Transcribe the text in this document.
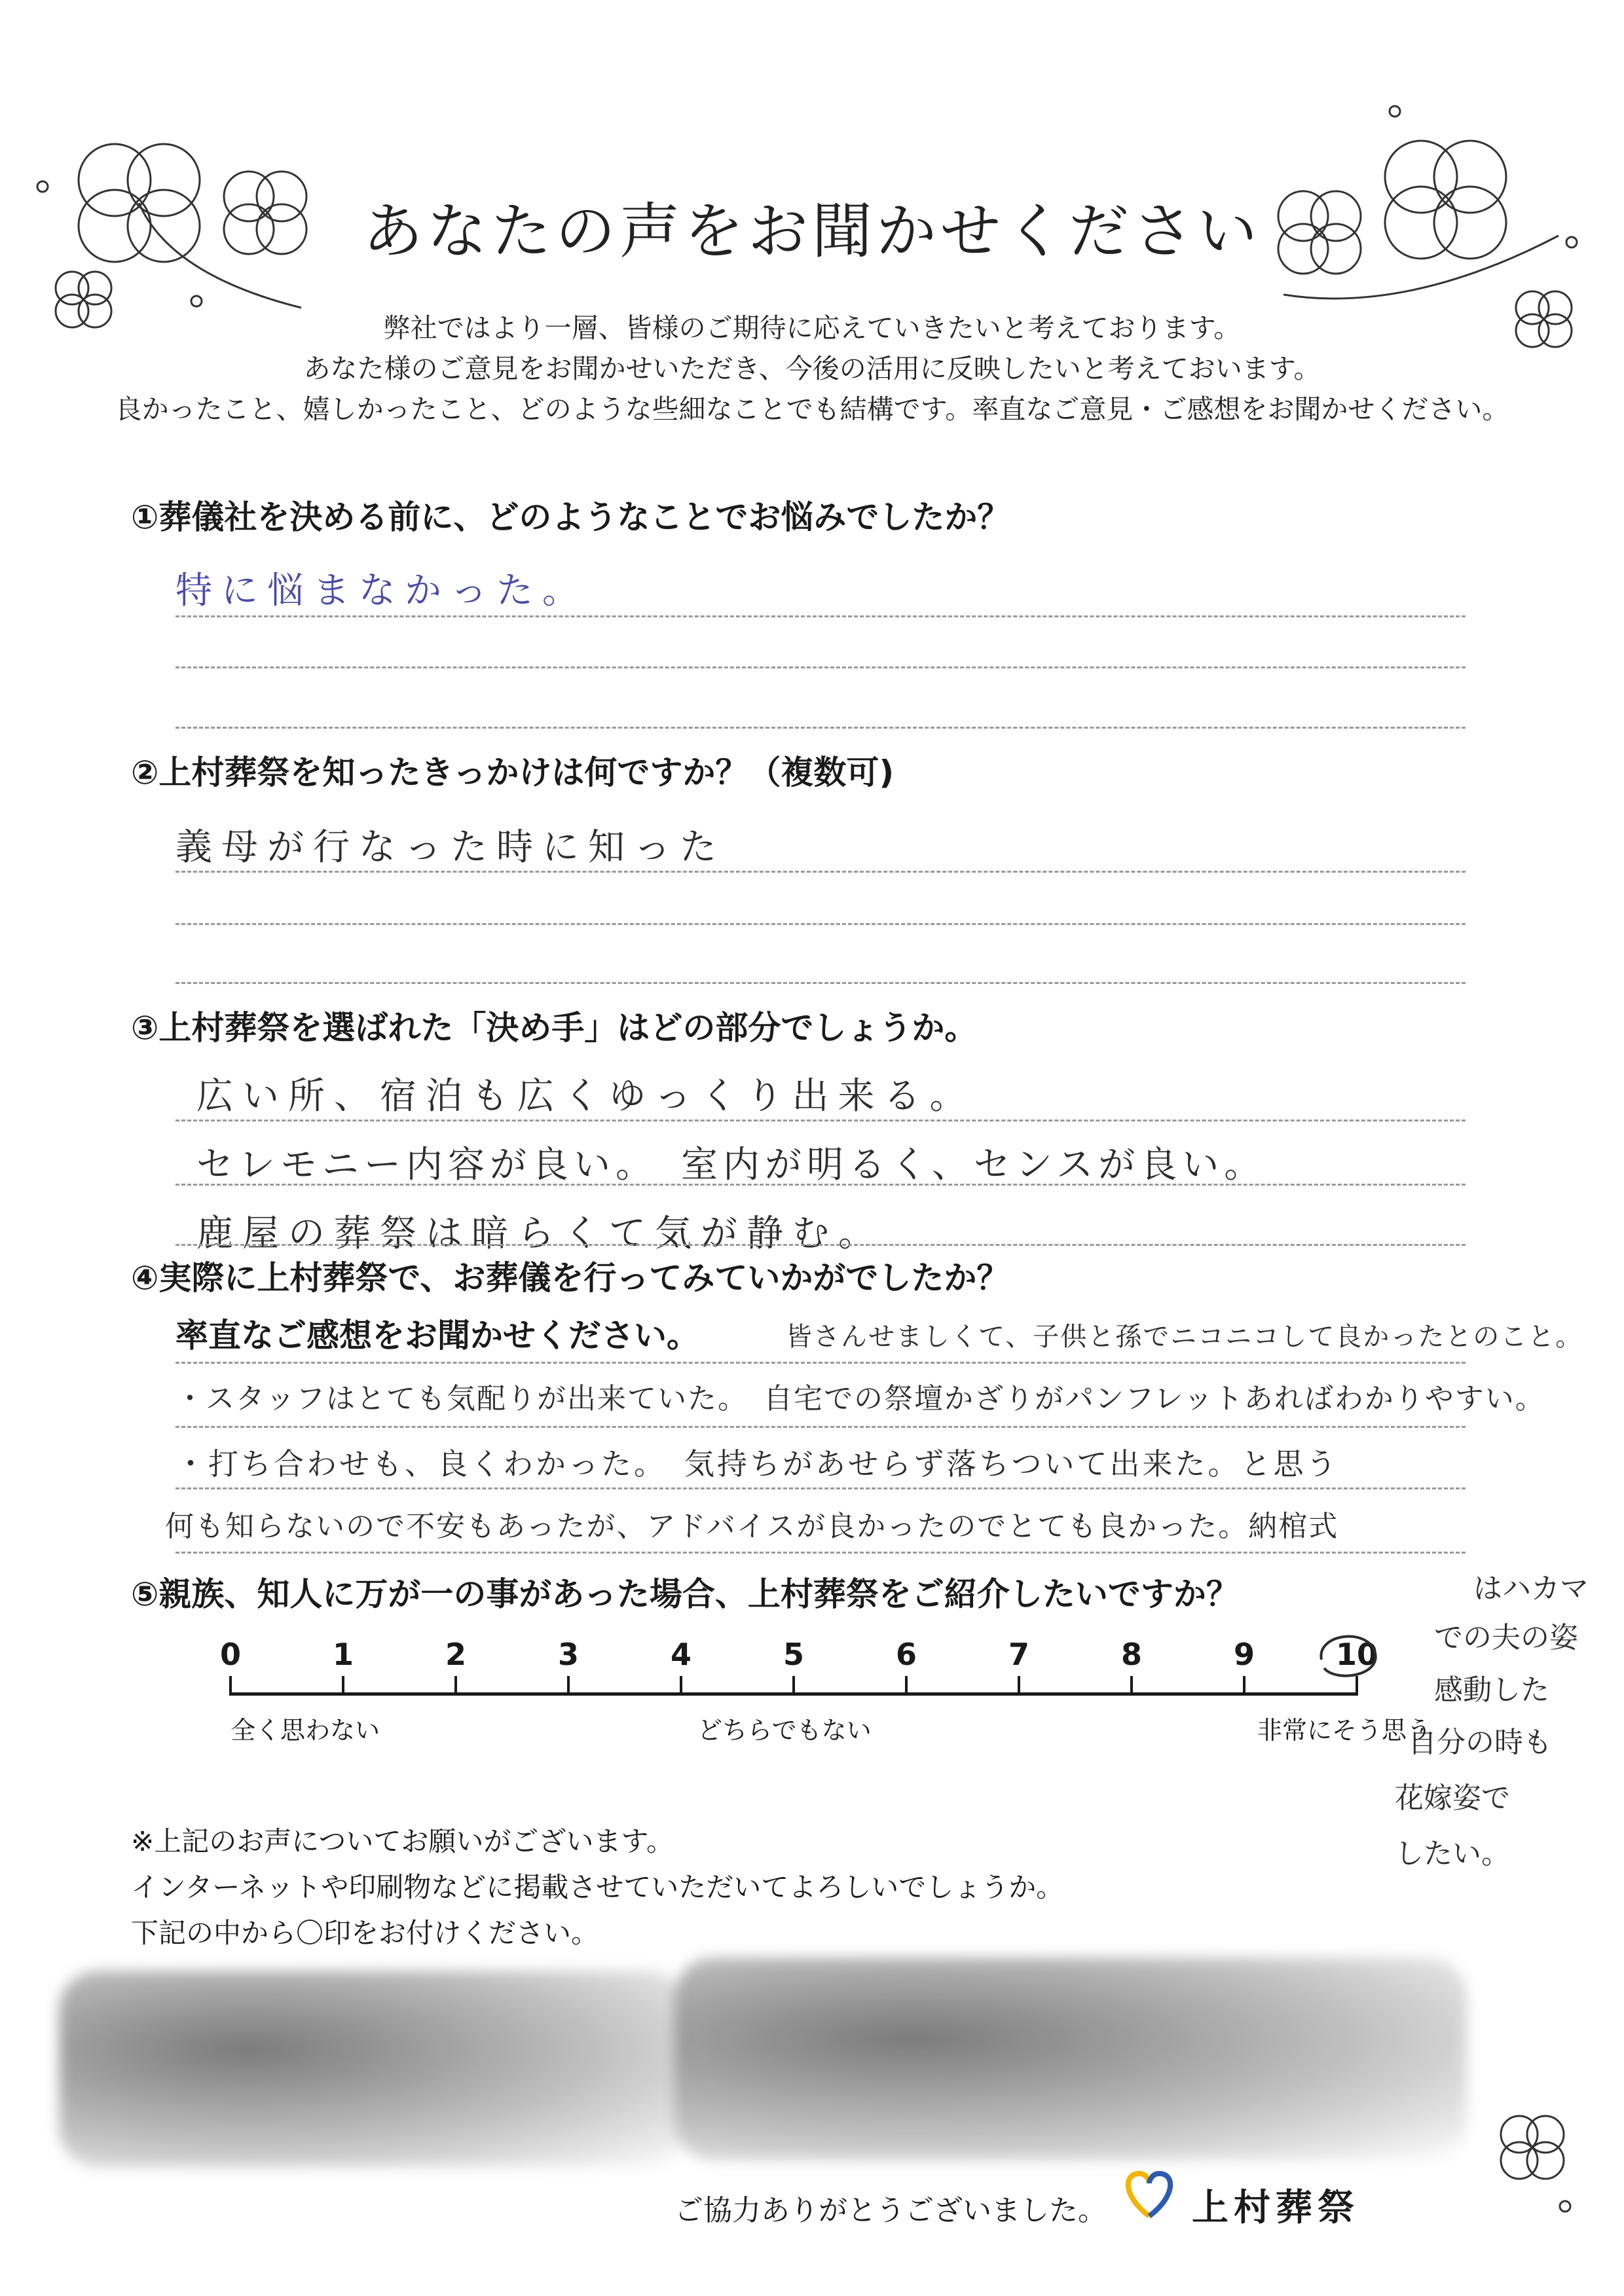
あなたの声をお聞かせください
弊社ではより一層、皆様のご期待に応えていきたいと考えております。
あなた様のご意見をお聞かせいただき、今後の活用に反映したいと考えておいます。
良かったこと、嬉しかったこと、どのような些細なことでも結構です。率直なご意見・ご感想をお聞かせください。
①葬儀社を決める前に、どのようなことでお悩みでしたか？
特に悩まなかった。
②上村葬祭を知ったきっかけは何ですか？（複数可)
義母が行なった時に知った
③上村葬祭を選ばれた「決め手」はどの部分でしょうか。
広い所、宿泊も広くゆっくり出来る。
セレモニー内容が良い。　室内が明るく、センスが良い。
鹿屋の葬祭は暗らくて気が静む。
④実際に上村葬祭で、お葬儀を行ってみていかがでしたか？
率直なご感想をお聞かせください。	皆さんせましくて、子供と孫でニコニコして良かったとのこと。
・スタッフはとても気配りが出来ていた。　自宅での祭壇かざりがパンフレットあればわかりやすい。
・打ち合わせも、良くわかった。　気持ちがあせらず落ちついて出来た。と思う
何も知らないので不安もあったが、アドバイスが良かったのでとても良かった。納棺式
⑤親族、知人に万が一の事があった場合、上村葬祭をご紹介したいですか？
0	1	2	3	4	5	6	7	8	9	10
全く思わない	どちらでもない	非常にそう思う
はハカマ
での夫の姿
感動した
自分の時も
花嫁姿で
したい。
※上記のお声についてお願いがございます。
インターネットや印刷物などに掲載させていただいてよろしいでしょうか。
下記の中から〇印をお付けください。
ご協力ありがとうございました。 上村葬祭
